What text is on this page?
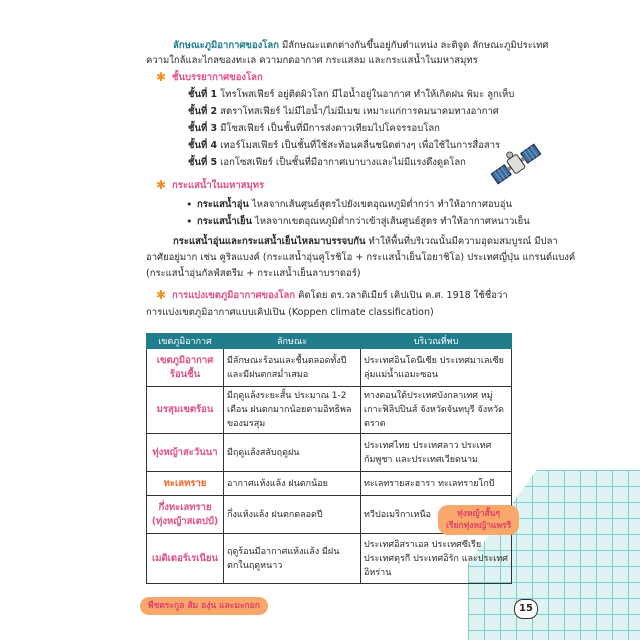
ลักษณะภูมิอากาศของโลก มีลักษณะแตกต่างกันขึ้นอยู่กับตำแหน่ง ละติจูด ลักษณะภูมิประเทศ
ความใกล้และไกลของทะเล ความกดอากาศ กระแสลม และกระแสน้ำในมหาสมุทร
✱ ชั้นบรรยากาศของโลก
ชั้นที่ 1 โทรโพสเฟียร์ อยู่ติดผิวโลก มีไอน้ำอยู่ในอากาศ ทำให้เกิดฝน พิมะ ลูกเห็บ
ชั้นที่ 2 สตราโทสเฟียร์ ไม่มีไอน้ำ/ไม่มีเมฆ เหมาะแก่การคมนาคมทางอากาศ
ชั้นที่ 3 มีโซสเฟียร์ เป็นชั้นที่มีการส่งดาวเทียมไปโคจรรอบโลก
ชั้นที่ 4 เทอร์โมสเฟียร์ เป็นชั้นที่ใช้สะท้อนคลื่นชนิดต่างๆ เพื่อใช้ในการสื่อสาร
ชั้นที่ 5 เอกโซสเฟียร์ เป็นชั้นที่มีอากาศเบาบางและไม่มีแรงดึงดูดโลก
✱ กระแสน้ำในมหาสมุทร
• กระแสน้ำอุ่น ไหลจากเส้นศูนย์สูตรไปยังเขตอุณหภูมิต่ำกว่า ทำให้อากาศอบอุ่น
• กระแสน้ำเย็น ไหลจากเขตอุณหภูมิต่ำกว่าเข้าสู่เส้นศูนย์สูตร ทำให้อากาศหนาวเย็น
กระแสน้ำอุ่นและกระแสน้ำเย็นไหลมาบรรจบกัน ทำให้พื้นที่บริเวณนั้นมีความอุดมสมบูรณ์ มีปลา
อาศัยอยู่มาก เช่น คูริลแบงค์ (กระแสน้ำอุ่นคูโรชิโอ + กระแสน้ำเย็นโอยาชิโอ) ประเทศญี่ปุ่น แกรนด์แบงค์
(กระแสน้ำอุ่นกัลฟ์สตรีม + กระแสน้ำเย็นลาบราดอร์)
✱ การแบ่งเขตภูมิอากาศของโลก คิดโดย ดร.วลาดิเมียร์ เคิปเปิน ค.ศ. 1918 ใช้ชื่อว่า
การแบ่งเขตภูมิอากาศแบบเคิปเปิน (Koppen climate classification)
เขตภูมิอากาศ	ลักษณะ	บริเวณที่พบ
เขตภูมิอากาศร้อนชื้น	มีลักษณะร้อนและชื้นตลอดทั้งปี และมีฝนตกสม่ำเสมอ	ประเทศอินโดนีเซีย ประเทศมาเลเซีย ลุ่มแม่น้ำแอมะซอน
มรสุมเขตร้อน	มีฤดูแล้งระยะสั้น ประมาณ 1-2 เดือน ฝนตกมากน้อยตามอิทธิพลของมรสุม	ทางตอนใต้ประเทศบังกลาเทศ หมู่เกาะฟิลิปปินส์ จังหวัดจันทบุรี จังหวัดตราด
ทุ่งหญ้าสะวันนา	มีฤดูแล้งสลับฤดูฝน	ประเทศไทย ประเทศลาว ประเทศกัมพูชา และประเทศเวียดนาม
ทะเลทราย	อากาศแห้งแล้ง ฝนตกน้อย	ทะเลทรายสะฮารา ทะเลทรายโกบี
กึ่งทะเลทราย (ทุ่งหญ้าสเตปป์)	กึ่งแห้งแล้ง ฝนตกตลอดปี	ทวีปอเมริกาเหนือ
เมดิเตอร์เรเนียน	ฤดูร้อนมีอากาศแห้งแล้ง มีฝนตกในฤดูหนาว	ประเทศอิสราเอล ประเทศซีเรีย ประเทศตุรกี ประเทศอิรัก และประเทศอิหร่าน
ทุ่งหญ้าสั้นๆ
เรียกทุ่งหญ้าแพรรี
พืชตระกูล ส้ม องุ่น และมะกอก	15
